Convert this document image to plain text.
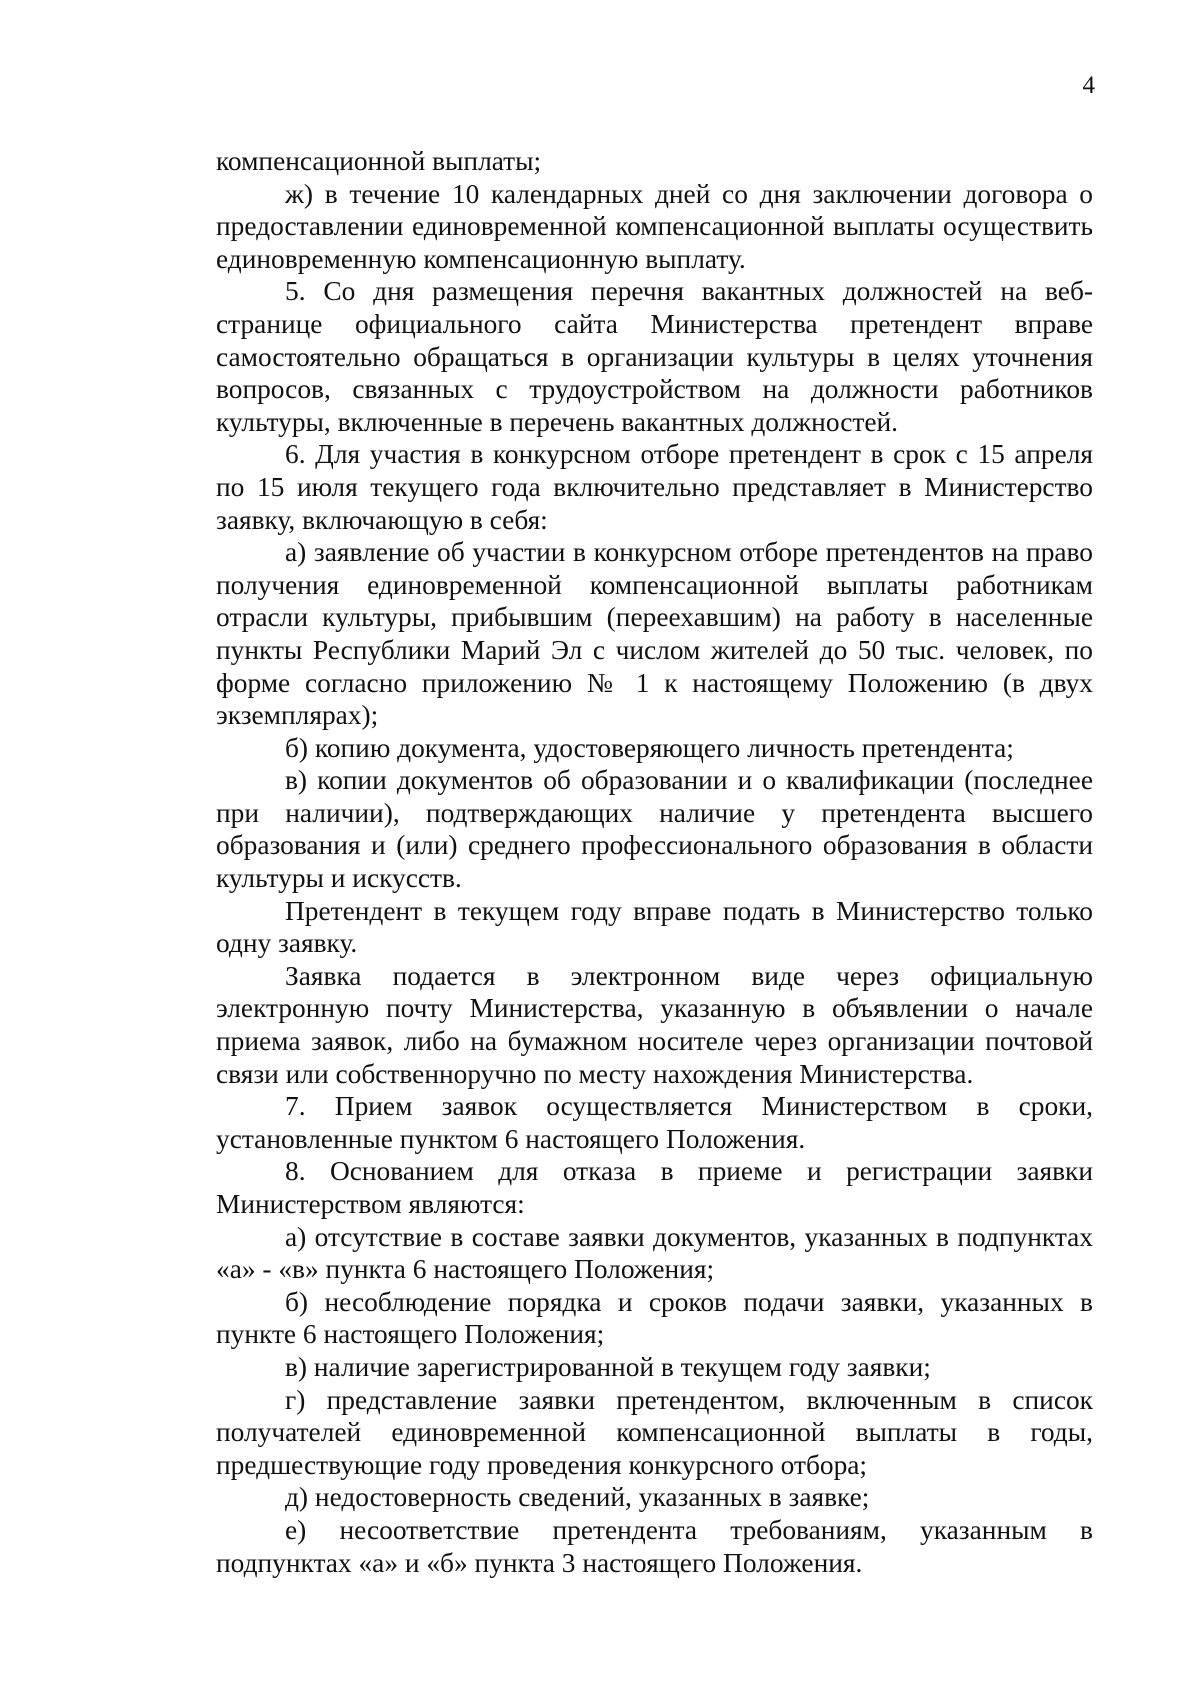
4

компенсационной выплаты;

ж) в течение 10 календарных дней со дня заключении договора о предоставлении единовременной компенсационной выплаты осуществить единовременную компенсационную выплату.

5. Со дня размещения перечня вакантных должностей на веб-странице официального сайта Министерства претендент вправе самостоятельно обращаться в организации культуры в целях уточнения вопросов, связанных с трудоустройством на должности работников культуры, включенные в перечень вакантных должностей.

6. Для участия в конкурсном отборе претендент в срок с 15 апреля по 15 июля текущего года включительно представляет в Министерство заявку, включающую в себя:

а) заявление об участии в конкурсном отборе претендентов на право получения единовременной компенсационной выплаты работникам отрасли культуры, прибывшим (переехавшим) на работу в населенные пункты Республики Марий Эл с числом жителей до 50 тыс. человек, по форме согласно приложению № 1 к настоящему Положению (в двух экземплярах);

б) копию документа, удостоверяющего личность претендента;

в) копии документов об образовании и о квалификации (последнее при наличии), подтверждающих наличие у претендента высшего образования и (или) среднего профессионального образования в области культуры и искусств.

Претендент в текущем году вправе подать в Министерство только одну заявку.

Заявка подается в электронном виде через официальную электронную почту Министерства, указанную в объявлении о начале приема заявок, либо на бумажном носителе через организации почтовой связи или собственноручно по месту нахождения Министерства.

7. Прием заявок осуществляется Министерством в сроки, установленные пунктом 6 настоящего Положения.

8. Основанием для отказа в приеме и регистрации заявки Министерством являются:

а) отсутствие в составе заявки документов, указанных в подпунктах «а» - «в» пункта 6 настоящего Положения;

б) несоблюдение порядка и сроков подачи заявки, указанных в пункте 6 настоящего Положения;

в) наличие зарегистрированной в текущем году заявки;

г) представление заявки претендентом, включенным в список получателей единовременной компенсационной выплаты в годы, предшествующие году проведения конкурсного отбора;

д) недостоверность сведений, указанных в заявке;

е) несоответствие претендента требованиям, указанным в подпунктах «а» и «б» пункта 3 настоящего Положения.
